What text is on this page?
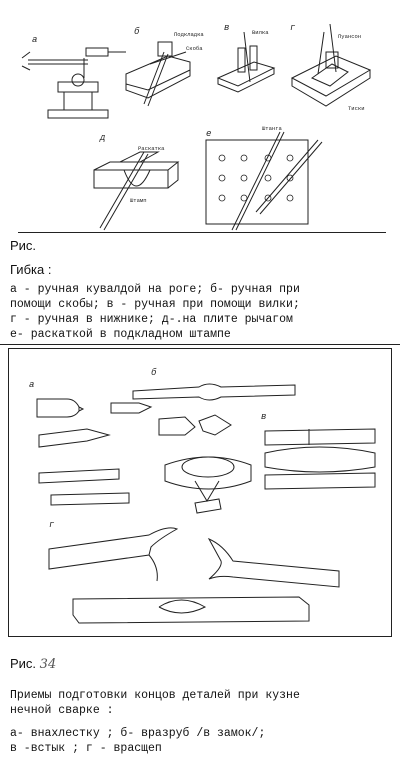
а
б	Подкладка
Скоба
в	Вилка г
Пуансон
Тиски
д
Раскатка
Штамп
е
Штанга
Рис.
Гибка :
а - ручная кувалдой на роге; б- ручная при
помощи скобы; в - ручная при помощи вилки;
г - ручная в нижнике; д-.на плите рычагом
е- раскаткой в подкладном штампе
а
б
в
г
Рис. 34
Приемы подготовки концов деталей при кузне
нечной сварке :
а- внахлестку ; б- вразруб /в замок/;
в -встык ; г - врасщеп
